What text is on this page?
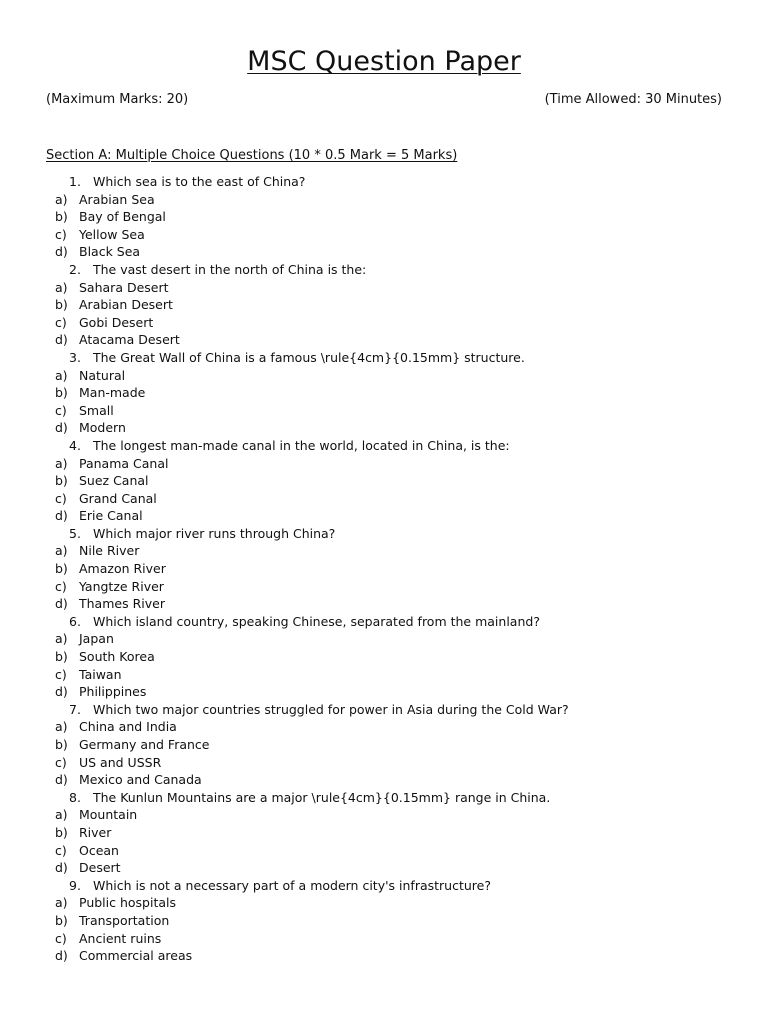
MSC Question Paper
(Maximum Marks: 20)	(Time Allowed: 30 Minutes)
Section A: Multiple Choice Questions (10 * 0.5 Mark = 5 Marks)
1. Which sea is to the east of China?
a) Arabian Sea
b) Bay of Bengal
c) Yellow Sea
d) Black Sea
2. The vast desert in the north of China is the:
a) Sahara Desert
b) Arabian Desert
c) Gobi Desert
d) Atacama Desert
3. The Great Wall of China is a famous \rule{4cm}{0.15mm} structure.
a) Natural
b) Man-made
c) Small
d) Modern
4. The longest man-made canal in the world, located in China, is the:
a) Panama Canal
b) Suez Canal
c) Grand Canal
d) Erie Canal
5. Which major river runs through China?
a) Nile River
b) Amazon River
c) Yangtze River
d) Thames River
6. Which island country, speaking Chinese, separated from the mainland?
a) Japan
b) South Korea
c) Taiwan
d) Philippines
7. Which two major countries struggled for power in Asia during the Cold War?
a) China and India
b) Germany and France
c) US and USSR
d) Mexico and Canada
8. The Kunlun Mountains are a major \rule{4cm}{0.15mm} range in China.
a) Mountain
b) River
c) Ocean
d) Desert
9. Which is not a necessary part of a modern city's infrastructure?
a) Public hospitals
b) Transportation
c) Ancient ruins
d) Commercial areas
